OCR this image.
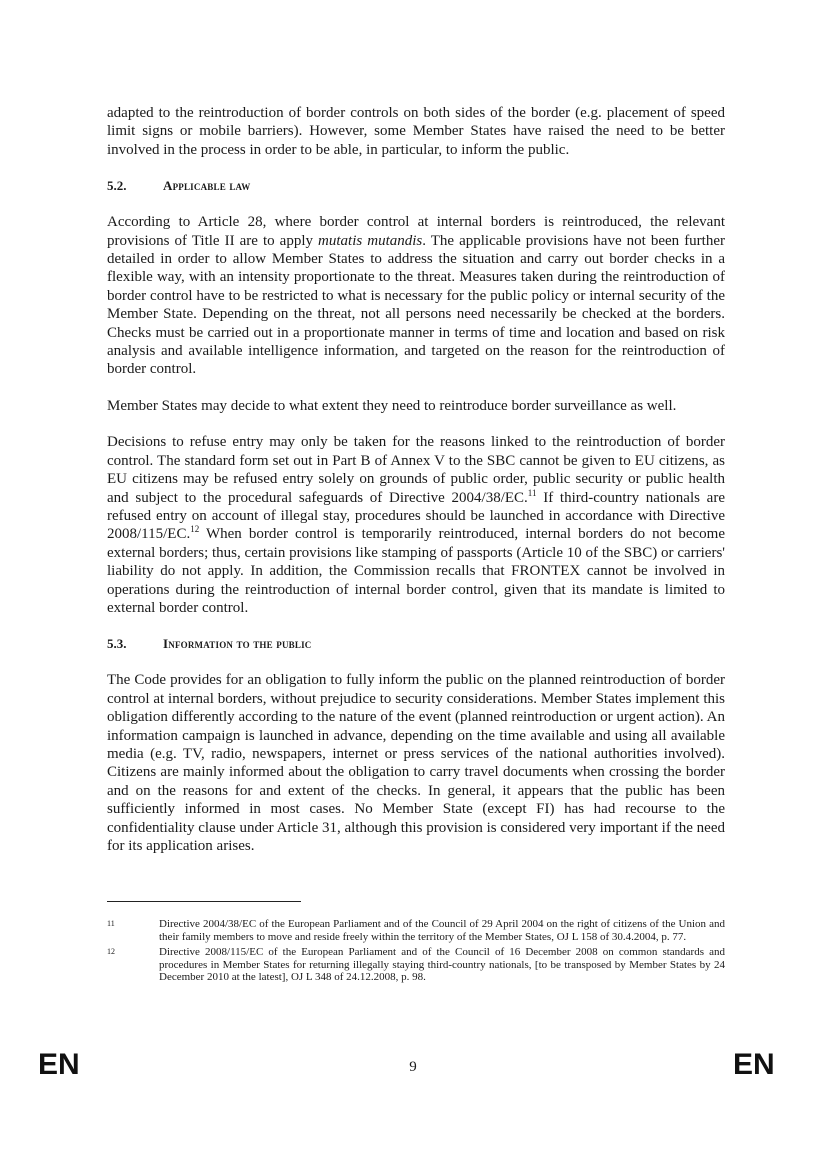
adapted to the reintroduction of border controls on both sides of the border (e.g. placement of speed limit signs or mobile barriers). However, some Member States have raised the need to be better involved in the process in order to be able, in particular, to inform the public.

5.2.	Applicable law

According to Article 28, where border control at internal borders is reintroduced, the relevant provisions of Title II are to apply mutatis mutandis. The applicable provisions have not been further detailed in order to allow Member States to address the situation and carry out border checks in a flexible way, with an intensity proportionate to the threat. Measures taken during the reintroduction of border control have to be restricted to what is necessary for the public policy or internal security of the Member State. Depending on the threat, not all persons need necessarily be checked at the borders. Checks must be carried out in a proportionate manner in terms of time and location and based on risk analysis and available intelligence information, and targeted on the reason for the reintroduction of border control.

Member States may decide to what extent they need to reintroduce border surveillance as well.

Decisions to refuse entry may only be taken for the reasons linked to the reintroduction of border control. The standard form set out in Part B of Annex V to the SBC cannot be given to EU citizens, as EU citizens may be refused entry solely on grounds of public order, public security or public health and subject to the procedural safeguards of Directive 2004/38/EC.$^{11}$ If third-country nationals are refused entry on account of illegal stay, procedures should be launched in accordance with Directive 2008/115/EC.$^{12}$ When border control is temporarily reintroduced, internal borders do not become external borders; thus, certain provisions like stamping of passports (Article 10 of the SBC) or carriers' liability do not apply. In addition, the Commission recalls that FRONTEX cannot be involved in operations during the reintroduction of internal border control, given that its mandate is limited to external border control.

5.3.	Information to the public

The Code provides for an obligation to fully inform the public on the planned reintroduction of border control at internal borders, without prejudice to security considerations. Member States implement this obligation differently according to the nature of the event (planned reintroduction or urgent action). An information campaign is launched in advance, depending on the time available and using all available media (e.g. TV, radio, newspapers, internet or press services of the national authorities involved). Citizens are mainly informed about the obligation to carry travel documents when crossing the border and on the reasons for and extent of the checks. In general, it appears that the public has been sufficiently informed in most cases. No Member State (except FI) has had recourse to the confidentiality clause under Article 31, although this provision is considered very important if the need for its application arises.

11	Directive 2004/38/EC of the European Parliament and of the Council of 29 April 2004 on the right of citizens of the Union and their family members to move and reside freely within the territory of the Member States, OJ L 158 of 30.4.2004, p. 77.
12	Directive 2008/115/EC of the European Parliament and of the Council of 16 December 2008 on common standards and procedures in Member States for returning illegally staying third-country nationals, [to be transposed by Member States by 24 December 2010 at the latest], OJ L 348 of 24.12.2008, p. 98.
EN	9	EN
